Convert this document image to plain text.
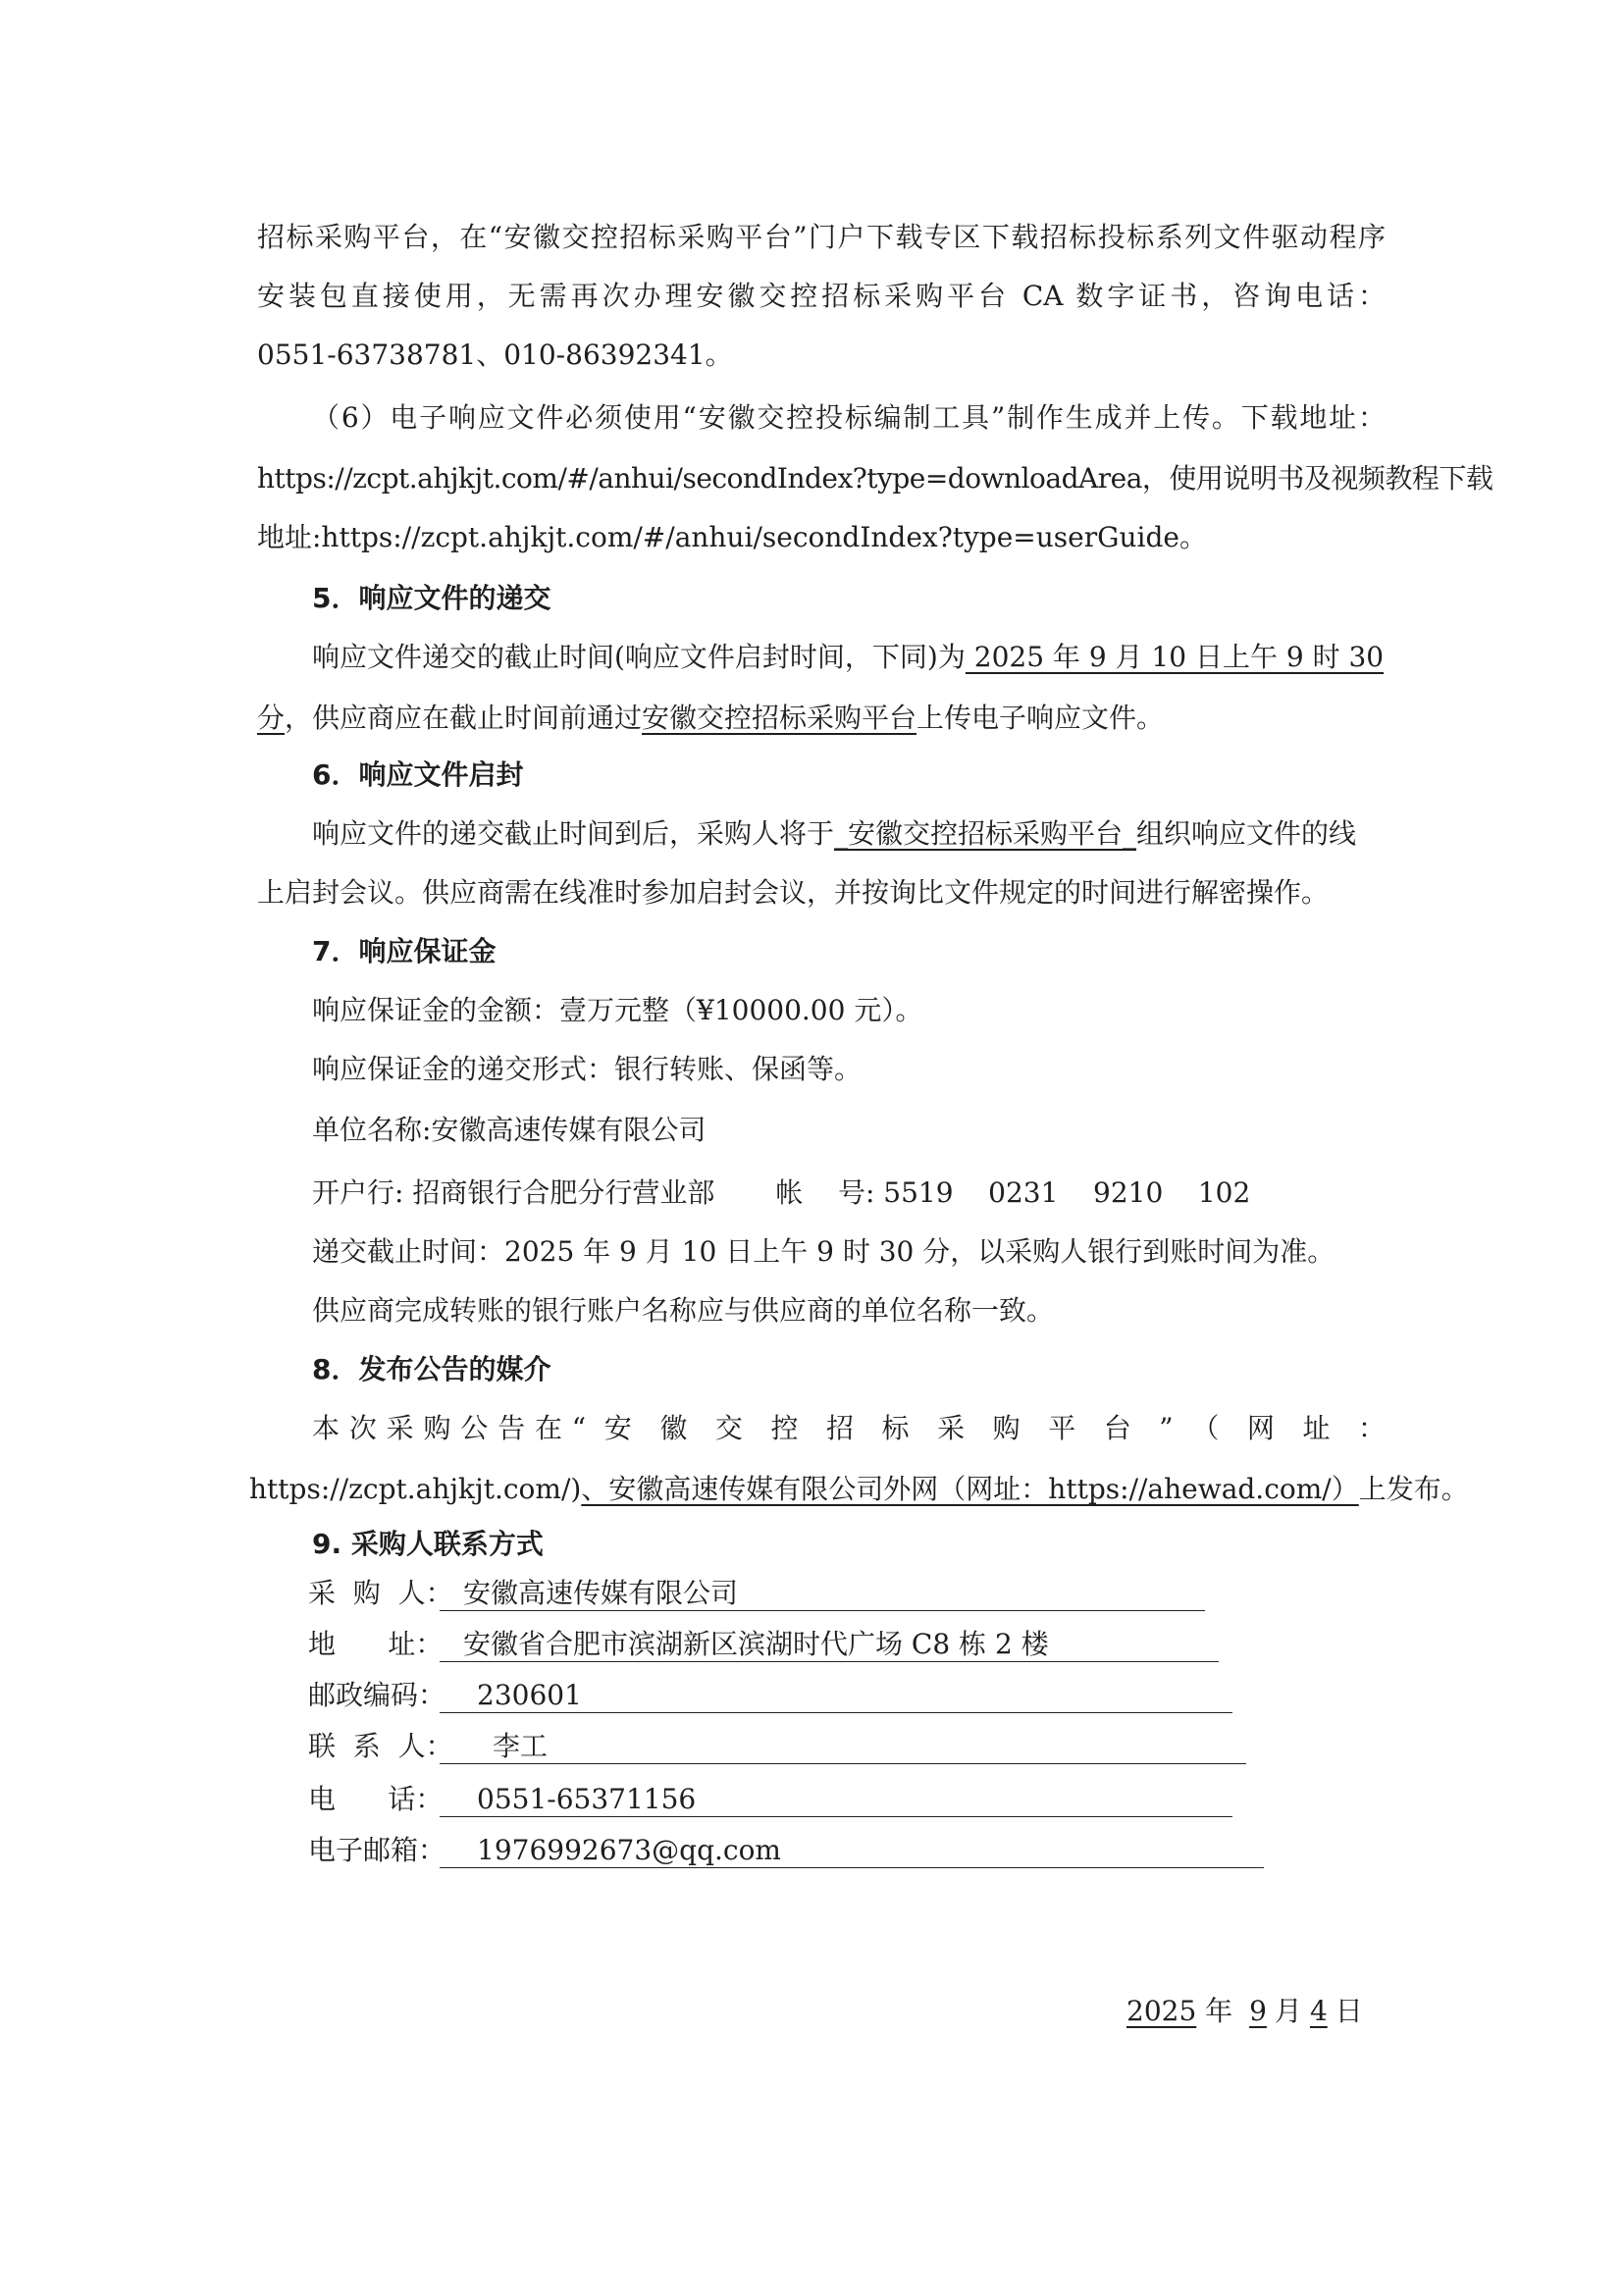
招标采购平台，在“安徽交控招标采购平台”门户下载专区下载招标投标系列文件驱动程序
安装包直接使用，无需再次办理安徽交控招标采购平台 CA 数字证书，咨询电话：
0551-63738781、010-86392341。
（6）电子响应文件必须使用“安徽交控投标编制工具”制作生成并上传。下载地址：
https://zcpt.ahjkjt.com/#/anhui/secondIndex?type=downloadArea，使用说明书及视频教程下载
地址:https://zcpt.ahjkjt.com/#/anhui/secondIndex?type=userGuide。
5．响应文件的递交
响应文件递交的截止时间(响应文件启封时间，下同)为 2025 年 9 月 10 日上午 9 时 30
分，供应商应在截止时间前通过安徽交控招标采购平台上传电子响应文件。
6．响应文件启封
响应文件的递交截止时间到后，采购人将于_安徽交控招标采购平台_组织响应文件的线
上启封会议。供应商需在线准时参加启封会议，并按询比文件规定的时间进行解密操作。
7．响应保证金
响应保证金的金额：壹万元整（¥10000.00 元）。
响应保证金的递交形式：银行转账、保函等。
单位名称:安徽高速传媒有限公司
开户行: 招商银行合肥分行营业部 帐    号: 5519    0231    9210    102
递交截止时间：2025 年 9 月 10 日上午 9 时 30 分，以采购人银行到账时间为准。
供应商完成转账的银行账户名称应与供应商的单位名称一致。
8．发布公告的媒介
本次采购公告在“ 安 徽 交 控 招 标 采 购 平 台 ” （ 网 址 ：
https://zcpt.ahjkjt.com/)、安徽高速传媒有限公司外网（网址：https://ahewad.com/）上发布。
9. 采购人联系方式
采  购  人： 安徽高速传媒有限公司
地      址： 安徽省合肥市滨湖新区滨湖时代广场 C8 栋 2 楼
邮政编码： 230601
联  系  人： 李工
电      话： 0551-65371156
电子邮箱： 1976992673@qq.com
2025 年 9 月 4 日
